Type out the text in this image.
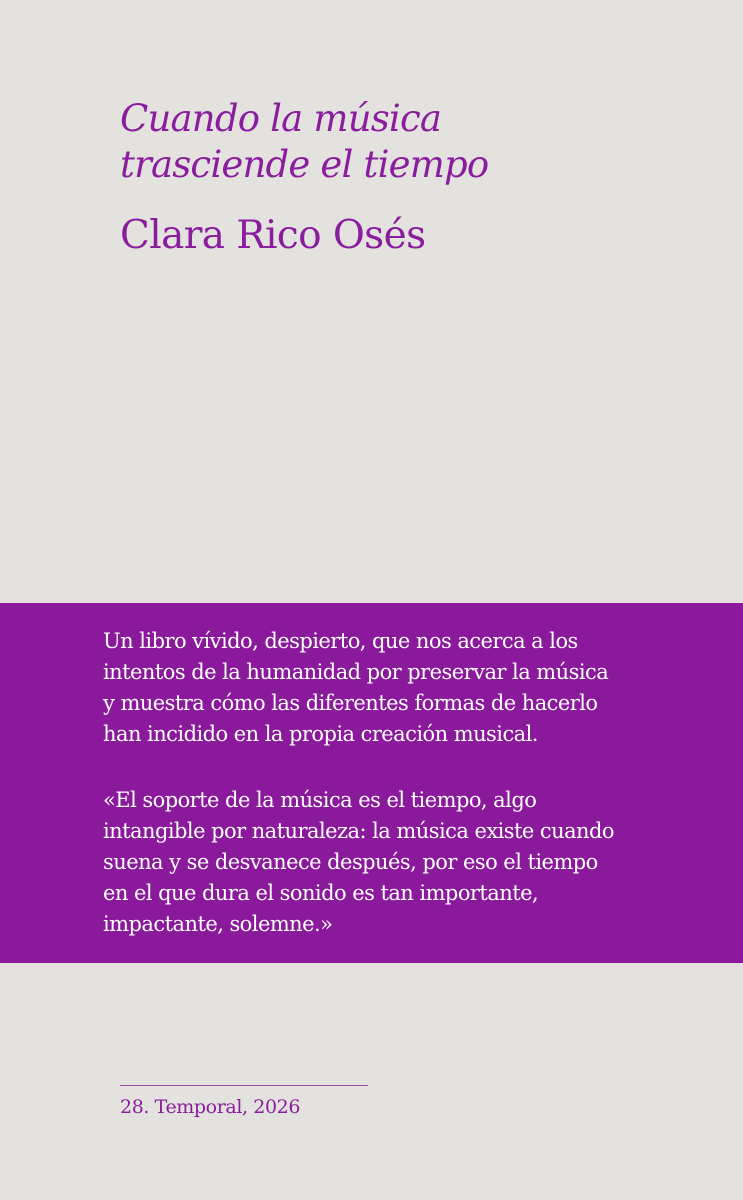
Cuando la música
trasciende el tiempo
Clara Rico Osés

Un libro vívido, despierto, que nos acerca a los
intentos de la humanidad por preservar la música
y muestra cómo las diferentes formas de hacerlo
han incidido en la propia creación musical.

«El soporte de la música es el tiempo, algo
intangible por naturaleza: la música existe cuando
suena y se desvanece después, por eso el tiempo
en el que dura el sonido es tan importante,
impactante, solemne.»

28. Temporal, 2026
